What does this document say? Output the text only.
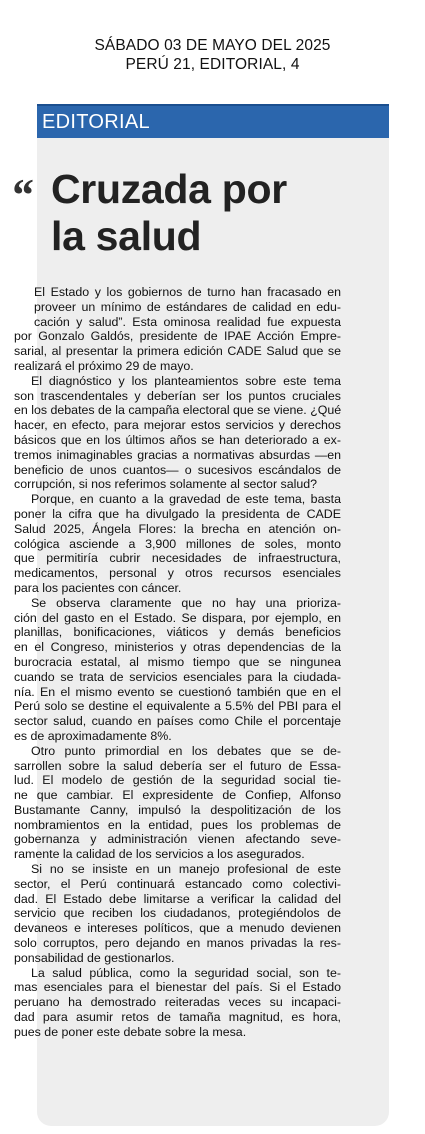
SÁBADO 03 DE MAYO DEL 2025
PERÚ 21, EDITORIAL, 4
EDITORIAL
Cruzada por
la salud
“
El Estado y los gobiernos de turno han fracasado en
proveer un mínimo de estándares de calidad en edu-
cación y salud”. Esta ominosa realidad fue expuesta
por Gonzalo Galdós, presidente de IPAE Acción Empre-
sarial, al presentar la primera edición CADE Salud que se
realizará el próximo 29 de mayo.
El diagnóstico y los planteamientos sobre este tema
son trascendentales y deberían ser los puntos cruciales
en los debates de la campaña electoral que se viene. ¿Qué
hacer, en efecto, para mejorar estos servicios y derechos
básicos que en los últimos años se han deteriorado a ex-
tremos inimaginables gracias a normativas absurdas —en
beneficio de unos cuantos— o sucesivos escándalos de
corrupción, si nos referimos solamente al sector salud?
Porque, en cuanto a la gravedad de este tema, basta
poner la cifra que ha divulgado la presidenta de CADE
Salud 2025, Ángela Flores: la brecha en atención on-
cológica asciende a 3,900 millones de soles, monto
que permitiría cubrir necesidades de infraestructura,
medicamentos, personal y otros recursos esenciales
para los pacientes con cáncer.
Se observa claramente que no hay una prioriza-
ción del gasto en el Estado. Se dispara, por ejemplo, en
planillas, bonificaciones, viáticos y demás beneficios
en el Congreso, ministerios y otras dependencias de la
burocracia estatal, al mismo tiempo que se ningunea
cuando se trata de servicios esenciales para la ciudada-
nía. En el mismo evento se cuestionó también que en el
Perú solo se destine el equivalente a 5.5% del PBI para el
sector salud, cuando en países como Chile el porcentaje
es de aproximadamente 8%.
Otro punto primordial en los debates que se de-
sarrollen sobre la salud debería ser el futuro de Essa-
lud. El modelo de gestión de la seguridad social tie-
ne que cambiar. El expresidente de Confiep, Alfonso
Bustamante Canny, impulsó la despolitización de los
nombramientos en la entidad, pues los problemas de
gobernanza y administración vienen afectando seve-
ramente la calidad de los servicios a los asegurados.
Si no se insiste en un manejo profesional de este
sector, el Perú continuará estancado como colectivi-
dad. El Estado debe limitarse a verificar la calidad del
servicio que reciben los ciudadanos, protegiéndolos de
devaneos e intereses políticos, que a menudo devienen
solo corruptos, pero dejando en manos privadas la res-
ponsabilidad de gestionarlos.
La salud pública, como la seguridad social, son te-
mas esenciales para el bienestar del país. Si el Estado
peruano ha demostrado reiteradas veces su incapaci-
dad para asumir retos de tamaña magnitud, es hora,
pues de poner este debate sobre la mesa.
